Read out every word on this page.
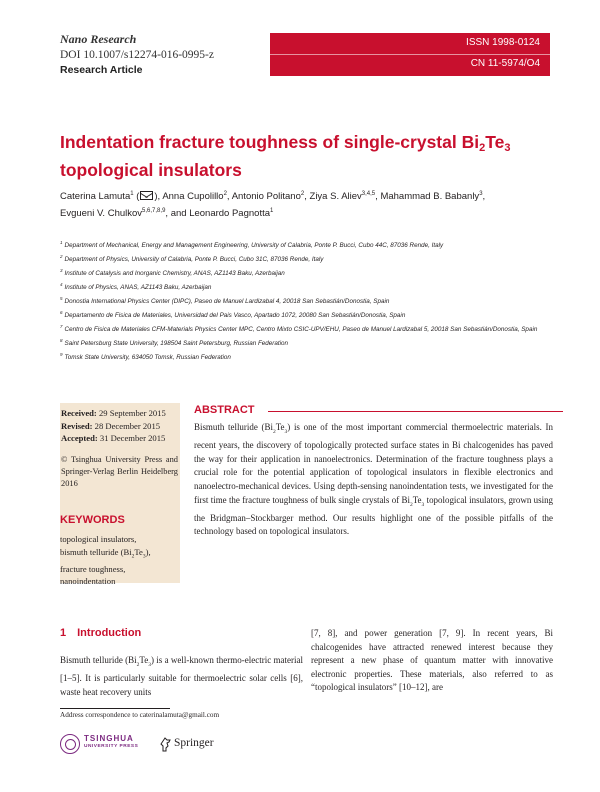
Nano Research
DOI 10.1007/s12274-016-0995-z
Research Article
ISSN 1998-0124
CN 11-5974/O4
Indentation fracture toughness of single-crystal $Bi_2Te_3$
topological insulators
Caterina Lamuta$^1$ ( ), Anna Cupolillo$^2$, Antonio Politano$^2$, Ziya S. Aliev$^{3,4,5}$, Mahammad B. Babanly$^3$,
Evgueni V. Chulkov$^{5,6,7,8,9}$, and Leonardo Pagnotta$^1$
$^1$ Department of Mechanical, Energy and Management Engineering, University of Calabria, Ponte P. Bucci, Cubo 44C, 87036 Rende, Italy
$^2$ Department of Physics, University of Calabria, Ponte P. Bucci, Cubo 31C, 87036 Rende, Italy
$^3$ Institute of Catalysis and Inorganic Chemistry, ANAS, AZ1143 Baku, Azerbaijan
$^4$ Institute of Physics, ANAS, AZ1143 Baku, Azerbaijan
$^5$ Donostia International Physics Center (DIPC), Paseo de Manuel Lardizabal 4, 20018 San Sebastián/Donostia, Spain
$^6$ Departamento de Fisica de Materiales, Universidad del Pais Vasco, Apartado 1072, 20080 San Sebastián/Donostia, Spain
$^7$ Centro de Fisica de Materiales CFM-Materials Physics Center MPC, Centro Mixto CSIC-UPV/EHU, Paseo de Manuel Lardizabal 5, 20018 San Sebastián/Donostia, Spain
$^8$ Saint Petersburg State University, 198504 Saint Petersburg, Russian Federation
$^9$ Tomsk State University, 634050 Tomsk, Russian Federation
Received: 29 September 2015
Revised: 28 December 2015
Accepted: 31 December 2015
© Tsinghua University Press and Springer-Verlag Berlin Heidelberg 2016
KEYWORDS
topological insulators,
bismuth telluride $(Bi_2Te_3)$,
fracture toughness,
nanoindentation
ABSTRACT

Bismuth telluride $(Bi_2Te_3)$ is one of the most important commercial thermoelectric materials. In recent years, the discovery of topologically protected surface states in Bi chalcogenides has paved the way for their application in nanoelectronics. Determination of the fracture toughness plays a crucial role for the potential application of topological insulators in flexible electronics and nanoelectro-mechanical devices. Using depth-sensing nanoindentation tests, we investigated for the first time the fracture toughness of bulk single crystals of $Bi_2Te_3$ topological insulators, grown using the Bridgman–Stockbarger method. Our results highlight one of the possible pitfalls of the technology based on topological insulators.

1 Introduction

Bismuth telluride $(Bi_2Te_3)$ is a well-known thermo-electric material [1–5]. It is particularly suitable for thermoelectric solar cells [6], waste heat recovery units

[7, 8], and power generation [7, 9]. In recent years, Bi chalcogenides have attracted renewed interest because they represent a new phase of quantum matter with innovative electronic properties. These materials, also referred to as “topological insulators” [10–12], are

Address correspondence to caterinalamuta@gmail.com
TSINGHUA
UNIVERSITY PRESS	Springer
